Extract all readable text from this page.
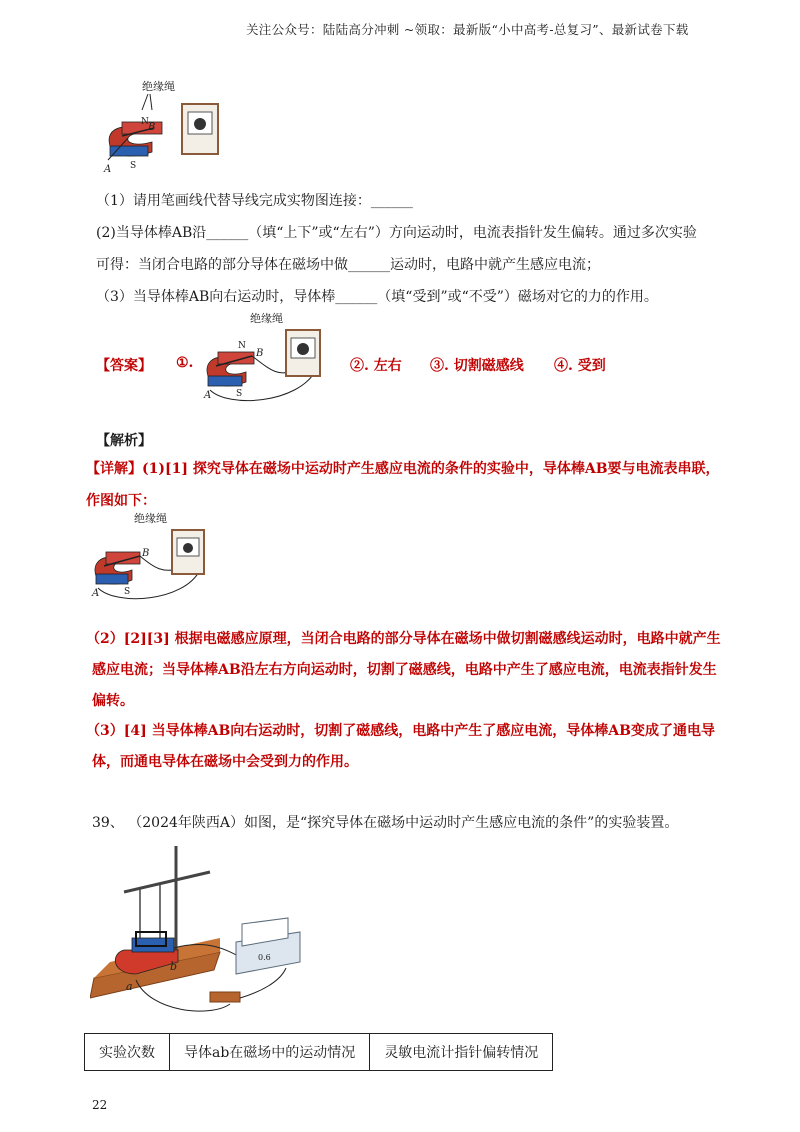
关注公众号：陆陆高分冲刺 ~领取：最新版“小中高考-总复习”、最新试卷下载
N
绝缘绳
B
A S
（1）请用笔画线代替导线完成实物图连接：______
(2)当导体棒AB沿______（填“上下”或“左右”）方向运动时，电流表指针发生偏转。通过多次实验
可得：当闭合电路的部分导体在磁场中做______运动时，电路中就产生感应电流；
（3）当导体棒AB向右运动时，导体棒______（填“受到”或“不受”）磁场对它的力的作用。
【答案】 ①.
绝缘绳
N
B
A	S
②. 左右 ③. 切割磁感线 ④. 受到
【解析】
【详解】(1)[1] 探究导体在磁场中运动时产生感应电流的条件的实验中，导体棒AB要与电流表串联，
作图如下：
绝缘绳
B
A	S
（2）[2][3] 根据电磁感应原理，当闭合电路的部分导体在磁场中做切割磁感线运动时，电路中就产生
感应电流；当导体棒AB沿左右方向运动时，切割了磁感线，电路中产生了感应电流，电流表指针发生
偏转。
（3）[4] 当导体棒AB向右运动时，切割了磁感线，电路中产生了感应电流，导体棒AB变成了通电导
体，而通电导体在磁场中会受到力的作用。
39、 （2024年陕西A）如图，是“探究导体在磁场中运动时产生感应电流的条件”的实验装置。
a
b
0.6
实验次数	导体ab在磁场中的运动情况	灵敏电流计指针偏转情况
22
